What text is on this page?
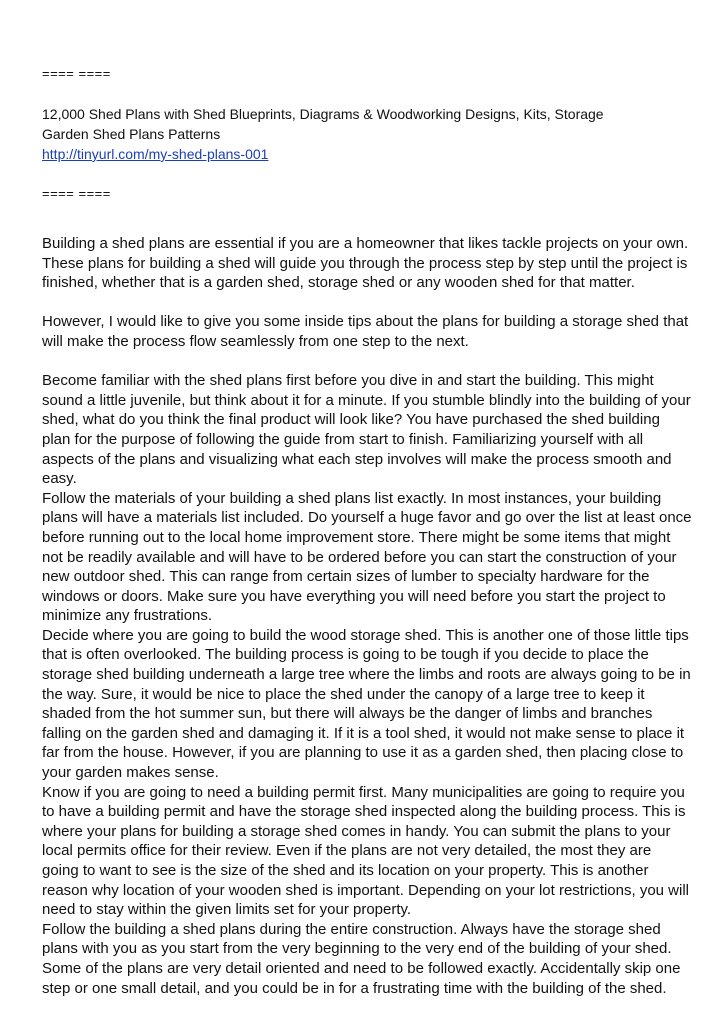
==== ====
12,000 Shed Plans with Shed Blueprints, Diagrams & Woodworking Designs, Kits, Storage
Garden Shed Plans Patterns
http://tinyurl.com/my-shed-plans-001
==== ====

Building a shed plans are essential if you are a homeowner that likes tackle projects on your own. These plans for building a shed will guide you through the process step by step until the project is finished, whether that is a garden shed, storage shed or any wooden shed for that matter.

However, I would like to give you some inside tips about the plans for building a storage shed that will make the process flow seamlessly from one step to the next.

Become familiar with the shed plans first before you dive in and start the building. This might sound a little juvenile, but think about it for a minute. If you stumble blindly into the building of your shed, what do you think the final product will look like? You have purchased the shed building plan for the purpose of following the guide from start to finish. Familiarizing yourself with all aspects of the plans and visualizing what each step involves will make the process smooth and easy.

Follow the materials of your building a shed plans list exactly. In most instances, your building plans will have a materials list included. Do yourself a huge favor and go over the list at least once before running out to the local home improvement store. There might be some items that might not be readily available and will have to be ordered before you can start the construction of your new outdoor shed. This can range from certain sizes of lumber to specialty hardware for the windows or doors. Make sure you have everything you will need before you start the project to minimize any frustrations.

Decide where you are going to build the wood storage shed. This is another one of those little tips that is often overlooked. The building process is going to be tough if you decide to place the storage shed building underneath a large tree where the limbs and roots are always going to be in the way. Sure, it would be nice to place the shed under the canopy of a large tree to keep it shaded from the hot summer sun, but there will always be the danger of limbs and branches falling on the garden shed and damaging it. If it is a tool shed, it would not make sense to place it far from the house. However, if you are planning to use it as a garden shed, then placing close to your garden makes sense.

Know if you are going to need a building permit first. Many municipalities are going to require you to have a building permit and have the storage shed inspected along the building process. This is where your plans for building a storage shed comes in handy. You can submit the plans to your local permits office for their review. Even if the plans are not very detailed, the most they are going to want to see is the size of the shed and its location on your property. This is another reason why location of your wooden shed is important. Depending on your lot restrictions, you will need to stay within the given limits set for your property.

Follow the building a shed plans during the entire construction. Always have the storage shed plans with you as you start from the very beginning to the very end of the building of your shed. Some of the plans are very detail oriented and need to be followed exactly. Accidentally skip one step or one small detail, and you could be in for a frustrating time with the building of the shed.
